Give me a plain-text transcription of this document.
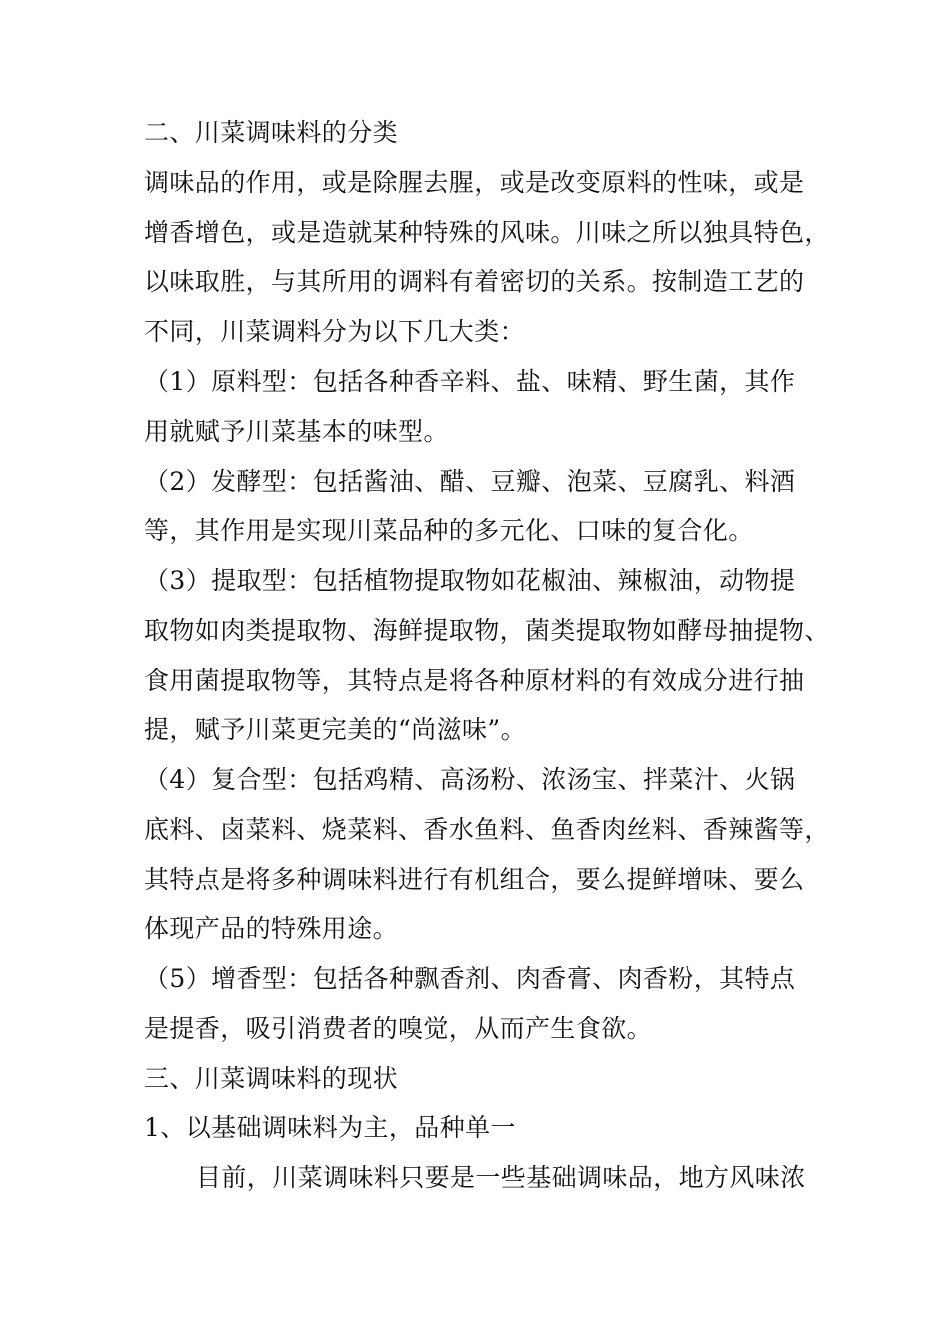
二、川菜调味料的分类
调味品的作用，或是除腥去腥，或是改变原料的性味，或是
增香增色，或是造就某种特殊的风味。川味之所以独具特色，
以味取胜，与其所用的调料有着密切的关系。按制造工艺的
不同，川菜调料分为以下几大类：
（1）原料型：包括各种香辛料、盐、味精、野生菌，其作
用就赋予川菜基本的味型。
（2）发酵型：包括酱油、醋、豆瓣、泡菜、豆腐乳、料酒
等，其作用是实现川菜品种的多元化、口味的复合化。
（3）提取型：包括植物提取物如花椒油、辣椒油，动物提
取物如肉类提取物、海鲜提取物，菌类提取物如酵母抽提物、
食用菌提取物等，其特点是将各种原材料的有效成分进行抽
提，赋予川菜更完美的“尚滋味”。
（4）复合型：包括鸡精、高汤粉、浓汤宝、拌菜汁、火锅
底料、卤菜料、烧菜料、香水鱼料、鱼香肉丝料、香辣酱等，
其特点是将多种调味料进行有机组合，要么提鲜增味、要么
体现产品的特殊用途。
（5）增香型：包括各种飘香剂、肉香膏、肉香粉，其特点
是提香，吸引消费者的嗅觉，从而产生食欲。
三、川菜调味料的现状
1、以基础调味料为主，品种单一
目前，川菜调味料只要是一些基础调味品，地方风味浓
